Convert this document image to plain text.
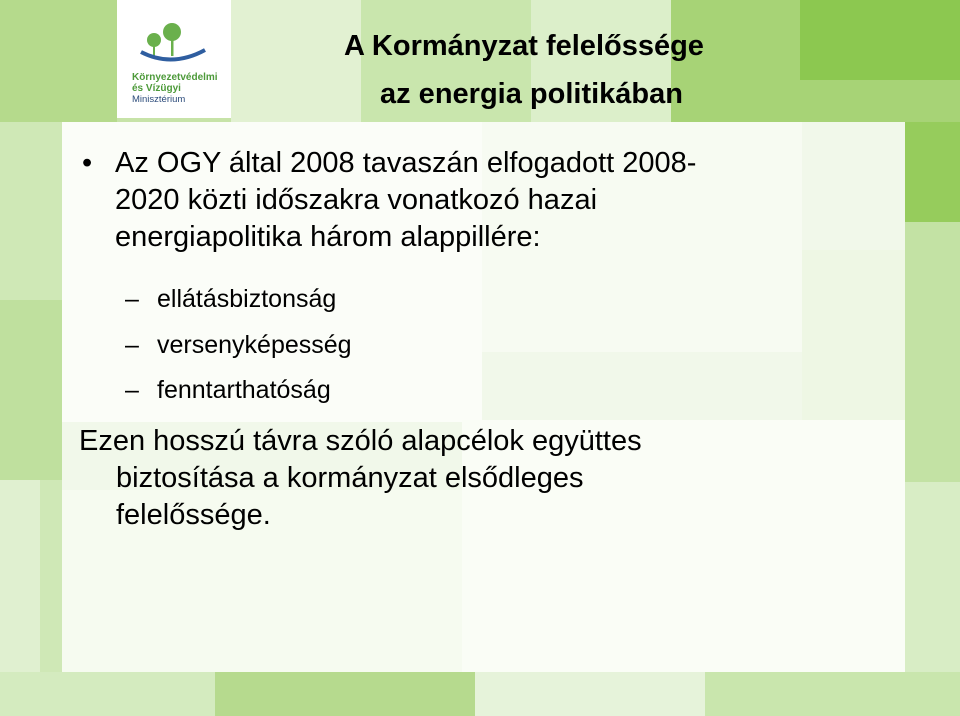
Környezetvédelmi
és Vízügyi
Minisztérium
A Kormányzat felelőssége
az energia politikában
• Az OGY által 2008 tavaszán elfogadott 2008-
2020 közti időszakra vonatkozó hazai
energiapolitika három alappillére:
– ellátásbiztonság
– versenyképesség
– fenntarthatóság
Ezen hosszú távra szóló alapcélok együttes
biztosítása a kormányzat elsődleges
felelőssége.
